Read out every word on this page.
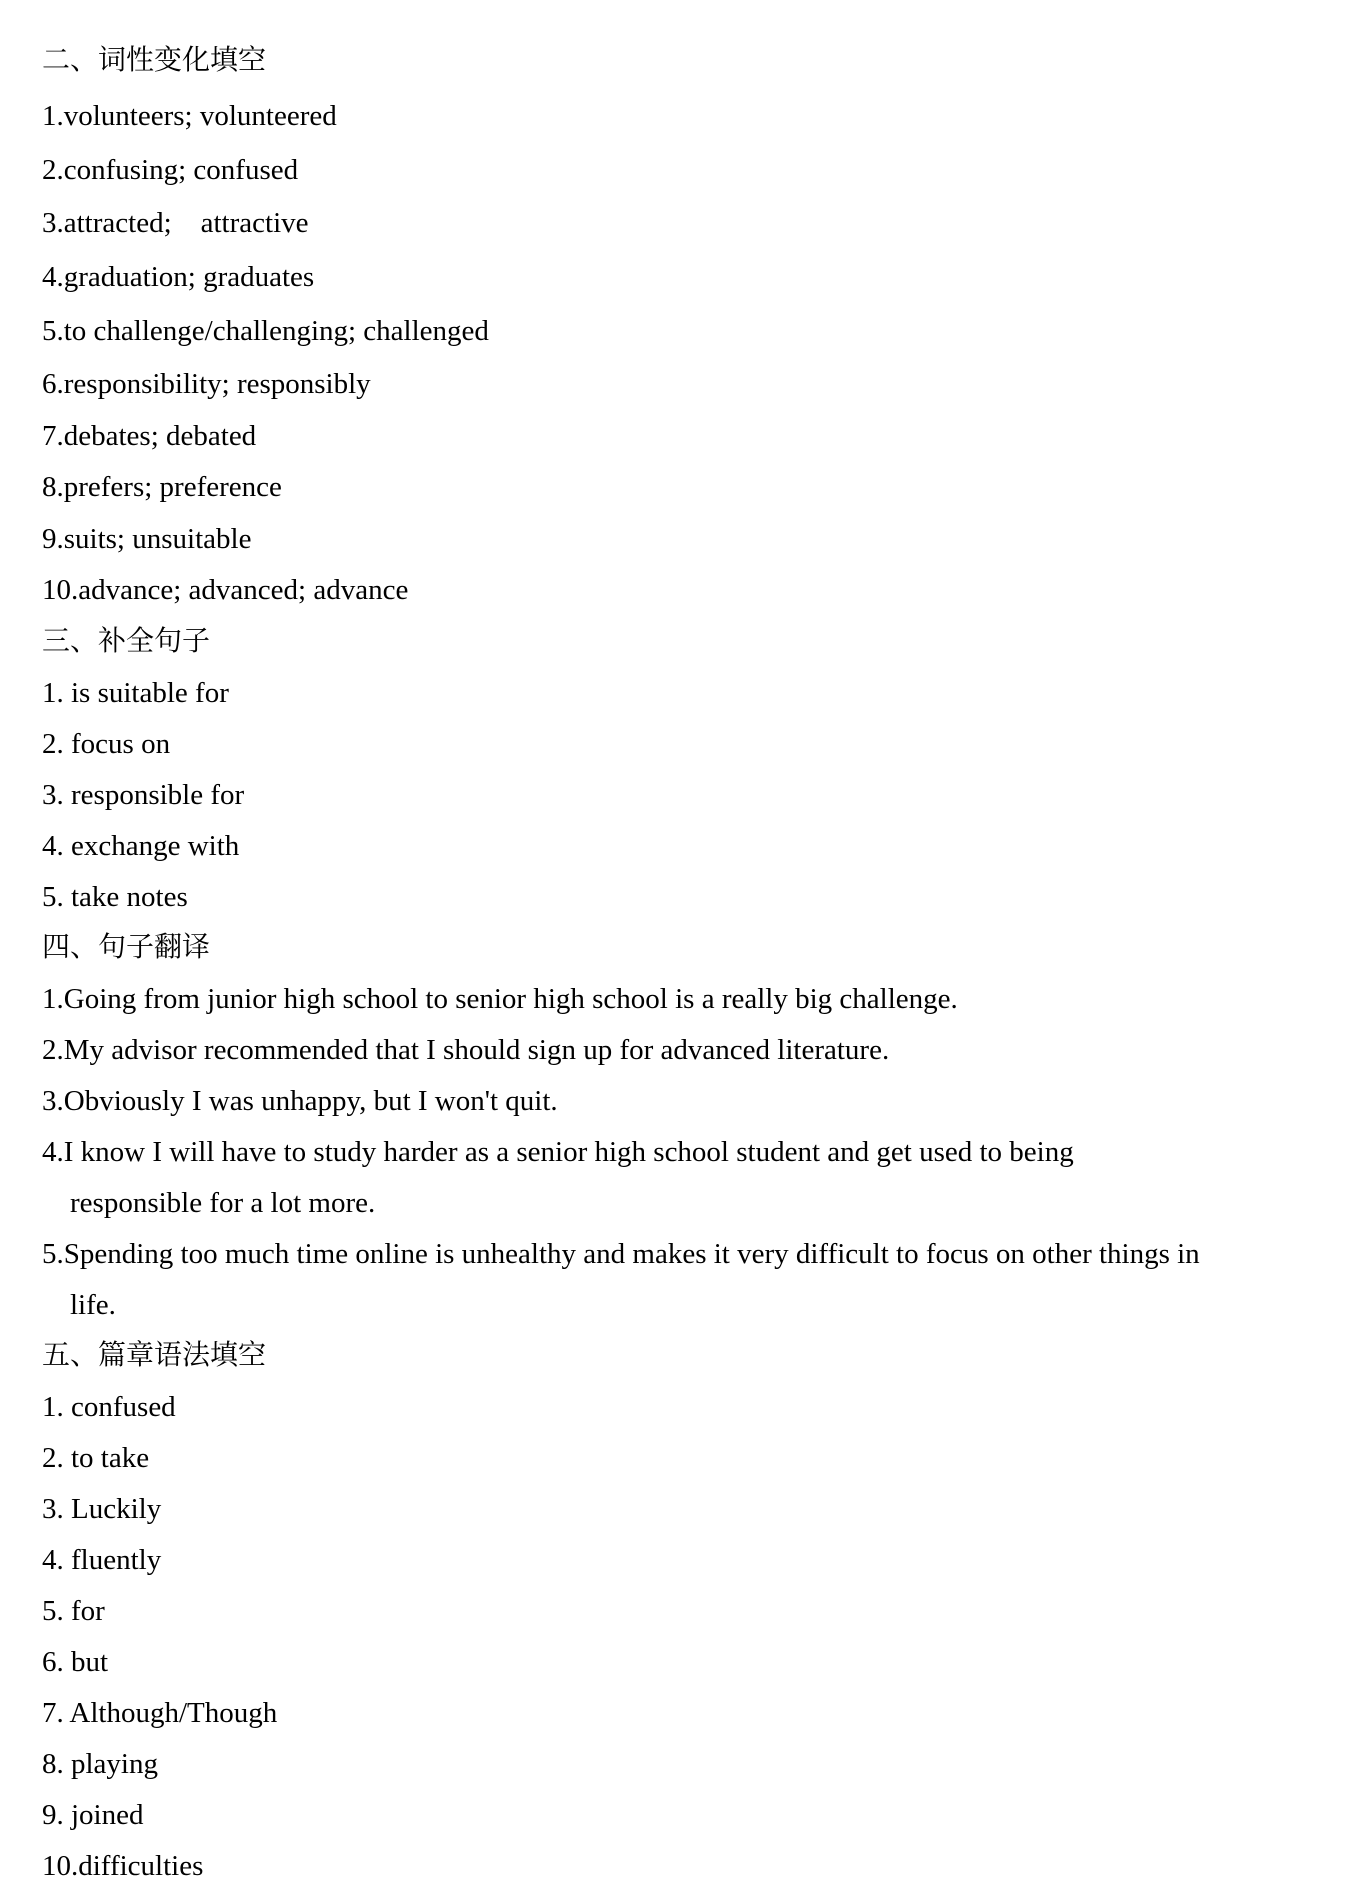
二、词性变化填空
1.volunteers; volunteered
2.confusing; confused
3.attracted;    attractive
4.graduation; graduates
5.to challenge/challenging; challenged
6.responsibility; responsibly
7.debates; debated
8.prefers; preference
9.suits; unsuitable
10.advance; advanced; advance
三、补全句子
1. is suitable for
2. focus on
3. responsible for
4. exchange with
5. take notes
四、句子翻译
1.Going from junior high school to senior high school is a really big challenge.
2.My advisor recommended that I should sign up for advanced literature.
3.Obviously I was unhappy, but I won't quit.
4.I know I will have to study harder as a senior high school student and get used to being
responsible for a lot more.
5.Spending too much time online is unhealthy and makes it very difficult to focus on other things in
life.
五、篇章语法填空
1. confused
2. to take
3. Luckily
4. fluently
5. for
6. but
7. Although/Though
8. playing
9. joined
10.difficulties
